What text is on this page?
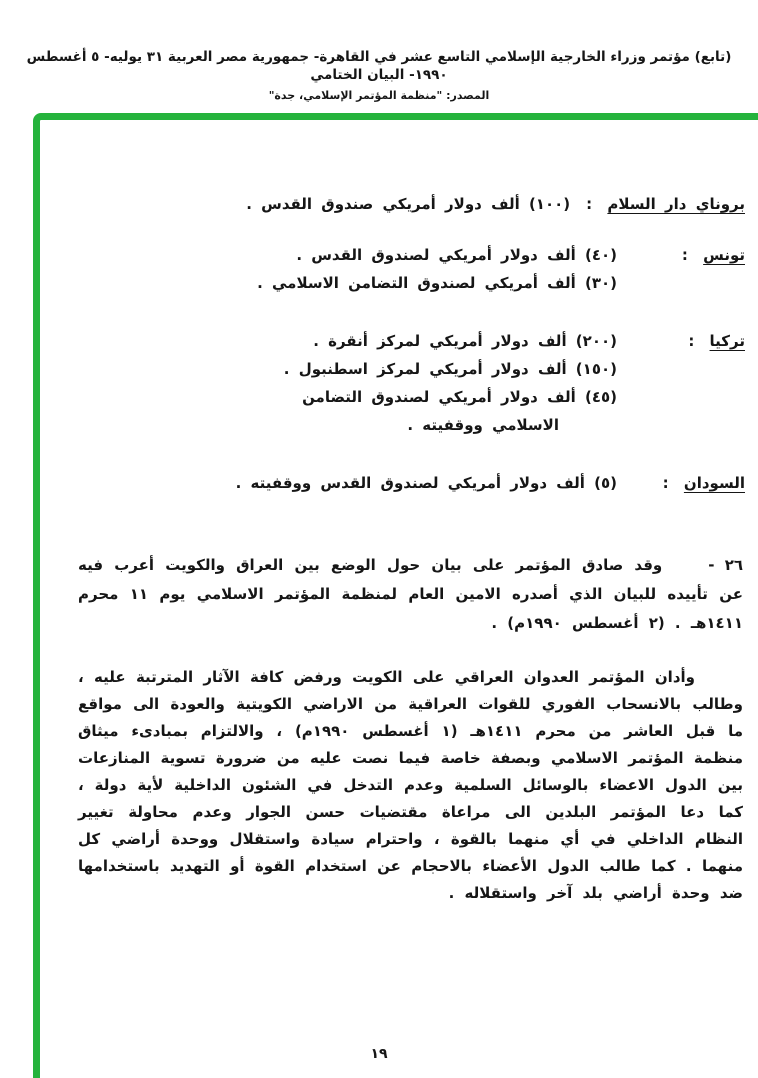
(تابع) مؤتمر وزراء الخارجية الإسلامي التاسع عشر في القاهرة- جمهورية مصر العربية ٣١ يوليه- ٥ أغسطس ١٩٩٠- البيان الختامي
المصدر: "منظمة المؤتمر الإسلامي، جدة"
بروناي دار السلام :
(١٠٠) ألف دولار أمريكي صندوق القدس .
تونس :
(٤٠) ألف دولار أمريكي لصندوق القدس .
(٣٠) ألف أمريكي لصندوق التضامن الاسلامي .
تركيا :
(٢٠٠) ألف دولار أمريكي لمركز أنقرة .
(١٥٠) ألف دولار أمريكي لمركز اسطنبول .
(٤٥) ألف دولار أمريكي لصندوق التضامن
الاسلامي ووقفيته .
السودان :
(٥) ألف دولار أمريكي لصندوق القدس ووقفيته .
٢٦ -وقد صادق المؤتمر على بيان حول الوضع بين العراق والكويت أعرب فيه عن تأييده للبيان الذي أصدره الامين العام لمنظمة المؤتمر الاسلامي يوم ١١ محرم ١٤١١هـ . (٢ أغسطس ١٩٩٠م) .
وأدان المؤتمر العدوان العراقي على الكويت ورفض كافة الآثار المترتبة عليه ، وطالب بالانسحاب الفوري للقوات العراقية من الاراضي الكويتية والعودة الى مواقع ما قبل العاشر من محرم ١٤١١هـ (١ أغسطس ١٩٩٠م) ، والالتزام بمبادىء ميثاق منظمة المؤتمر الاسلامي وبصفة خاصة فيما نصت عليه من ضرورة تسوية المنازعات بين الدول الاعضاء بالوسائل السلمية وعدم التدخل في الشئون الداخلية لأية دولة ، كما دعا المؤتمر البلدين الى مراعاة مقتضيات حسن الجوار وعدم محاولة تغيير النظام الداخلي في أي منهما بالقوة ، واحترام سيادة واستقلال ووحدة أراضي كل منهما . كما طالب الدول الأعضاء بالاحجام عن استخدام القوة أو التهديد باستخدامها ضد وحدة أراضي بلد آخر واستقلاله .
١٩
